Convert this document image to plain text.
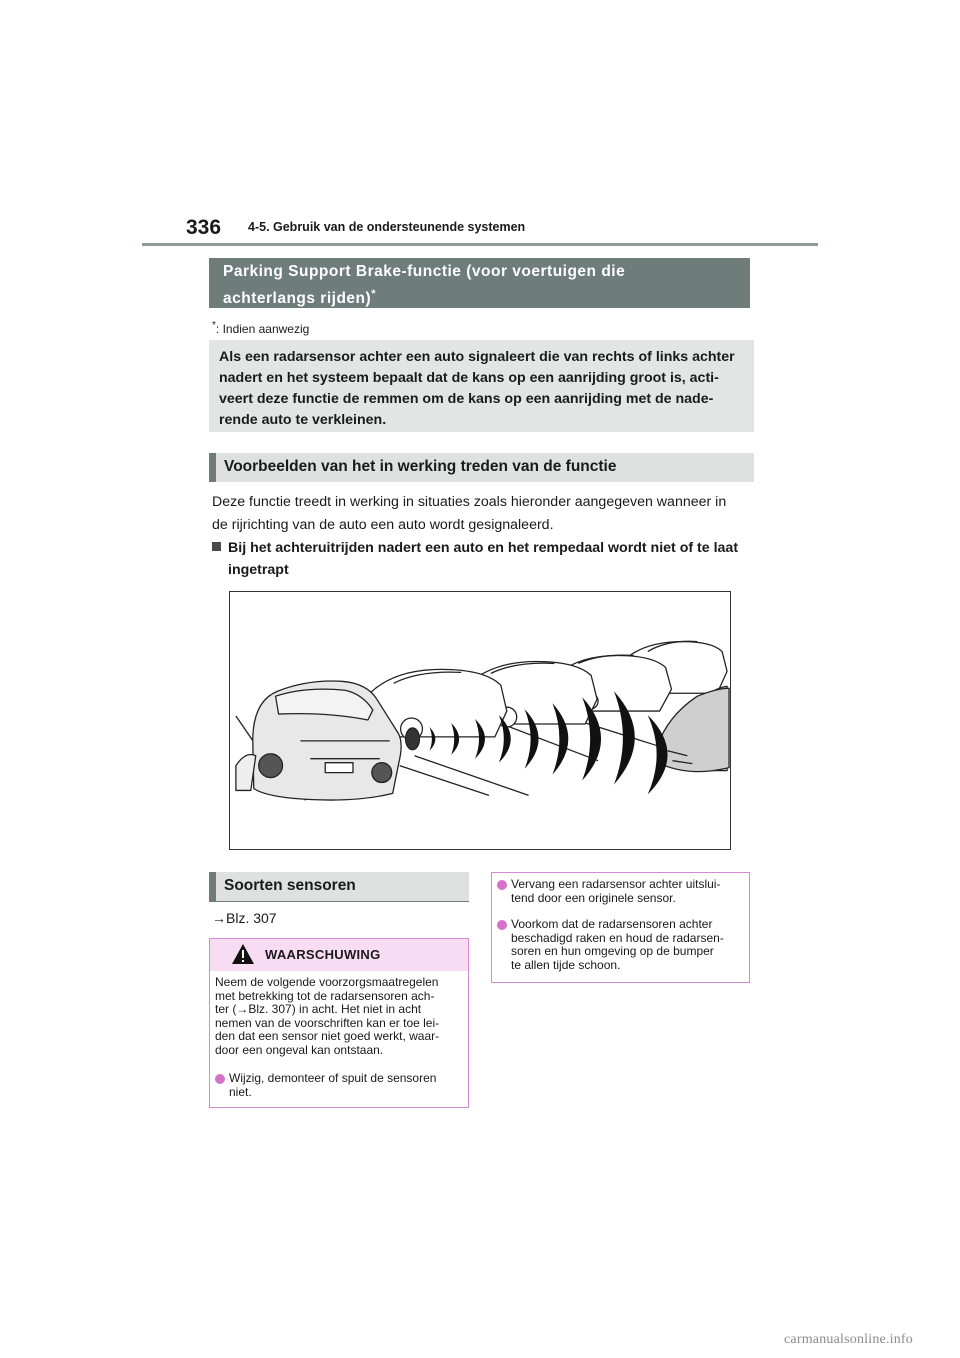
336 4-5. Gebruik van de ondersteunende systemen
Parking Support Brake-functie (voor voertuigen die
achterlangs rijden)*
*: Indien aanwezig
Als een radarsensor achter een auto signaleert die van rechts of links achter
nadert en het systeem bepaalt dat de kans op een aanrijding groot is, acti-
veert deze functie de remmen om de kans op een aanrijding met de nade-
rende auto te verkleinen.
Voorbeelden van het in werking treden van de functie
Deze functie treedt in werking in situaties zoals hieronder aangegeven wanneer in
de rijrichting van de auto een auto wordt gesignaleerd.
Bij het achteruitrijden nadert een auto en het rempedaal wordt niet of te laat
ingetrapt
Soorten sensoren
→Blz. 307
WAARSCHUWING
Neem de volgende voorzorgsmaatregelen
met betrekking tot de radarsensoren ach-
ter (→Blz. 307) in acht. Het niet in acht
nemen van de voorschriften kan er toe lei-
den dat een sensor niet goed werkt, waar-
door een ongeval kan ontstaan.
Wijzig, demonteer of spuit de sensoren
niet.
Vervang een radarsensor achter uitslui-
tend door een originele sensor.
Voorkom dat de radarsensoren achter
beschadigd raken en houd de radarsen-
soren en hun omgeving op de bumper
te allen tijde schoon.
carmanualsonline.info
